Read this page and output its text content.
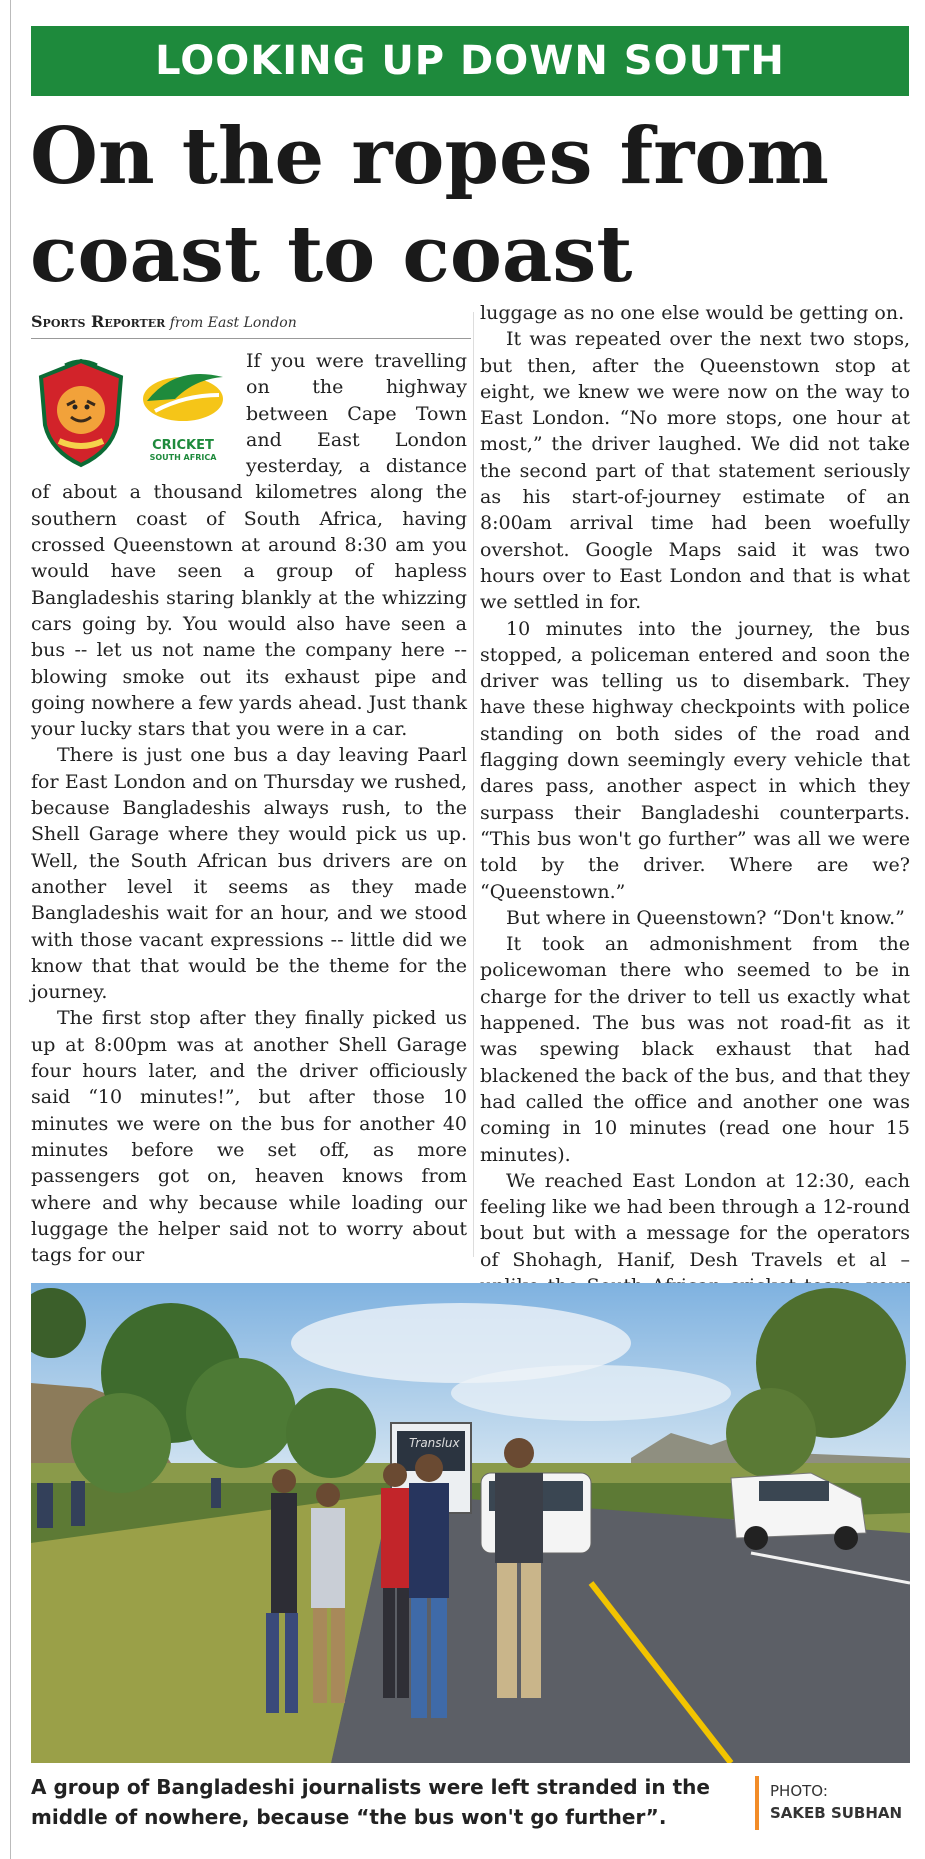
LOOKING UP DOWN SOUTH
On the ropes from coast to coast
Sports Reporter from East London
CRICKET
SOUTH AFRICA

If you were travelling on the highway between Cape Town and East London yesterday, a distance of about a thousand kilometres along the southern coast of South Africa, having crossed Queenstown at around 8:30 am you would have seen a group of hapless Bangladeshis staring blankly at the whizzing cars going by. You would also have seen a bus -- let us not name the company here -- blowing smoke out its exhaust pipe and going nowhere a few yards ahead. Just thank your lucky stars that you were in a car.

There is just one bus a day leaving Paarl for East London and on Thursday we rushed, because Bangladeshis always rush, to the Shell Garage where they would pick us up. Well, the South African bus drivers are on another level it seems as they made Bangladeshis wait for an hour, and we stood with those vacant expressions -- little did we know that that would be the theme for the journey.

The first stop after they finally picked us up at 8:00pm was at another Shell Garage four hours later, and the driver officiously said “10 minutes!”, but after those 10 minutes we were on the bus for another 40 minutes before we set off, as more passengers got on, heaven knows from where and why because while loading our luggage the helper said not to worry about tags for our

luggage as no one else would be getting on.

It was repeated over the next two stops, but then, after the Queenstown stop at eight, we knew we were now on the way to East London. “No more stops, one hour at most,” the driver laughed. We did not take the second part of that statement seriously as his start-of-journey estimate of an 8:00am arrival time had been woefully overshot. Google Maps said it was two hours over to East London and that is what we settled in for.

10 minutes into the journey, the bus stopped, a policeman entered and soon the driver was telling us to disembark. They have these highway checkpoints with police standing on both sides of the road and flagging down seemingly every vehicle that dares pass, another aspect in which they surpass their Bangladeshi counterparts. “This bus won't go further” was all we were told by the driver. Where are we? “Queenstown.”

But where in Queenstown? “Don't know.”

It took an admonishment from the policewoman there who seemed to be in charge for the driver to tell us exactly what happened. The bus was not road-fit as it was spewing black exhaust that had blackened the back of the bus, and that they had called the office and another one was coming in 10 minutes (read one hour 15 minutes).

We reached East London at 12:30, each feeling like we had been through a 12-round bout but with a message for the operators of Shohagh, Hanif, Desh Travels et al –

Translux
A group of Bangladeshi journalists were left stranded in the middle of nowhere, because “the bus won't go further”.
PHOTO:
SAKEB SUBHAN
